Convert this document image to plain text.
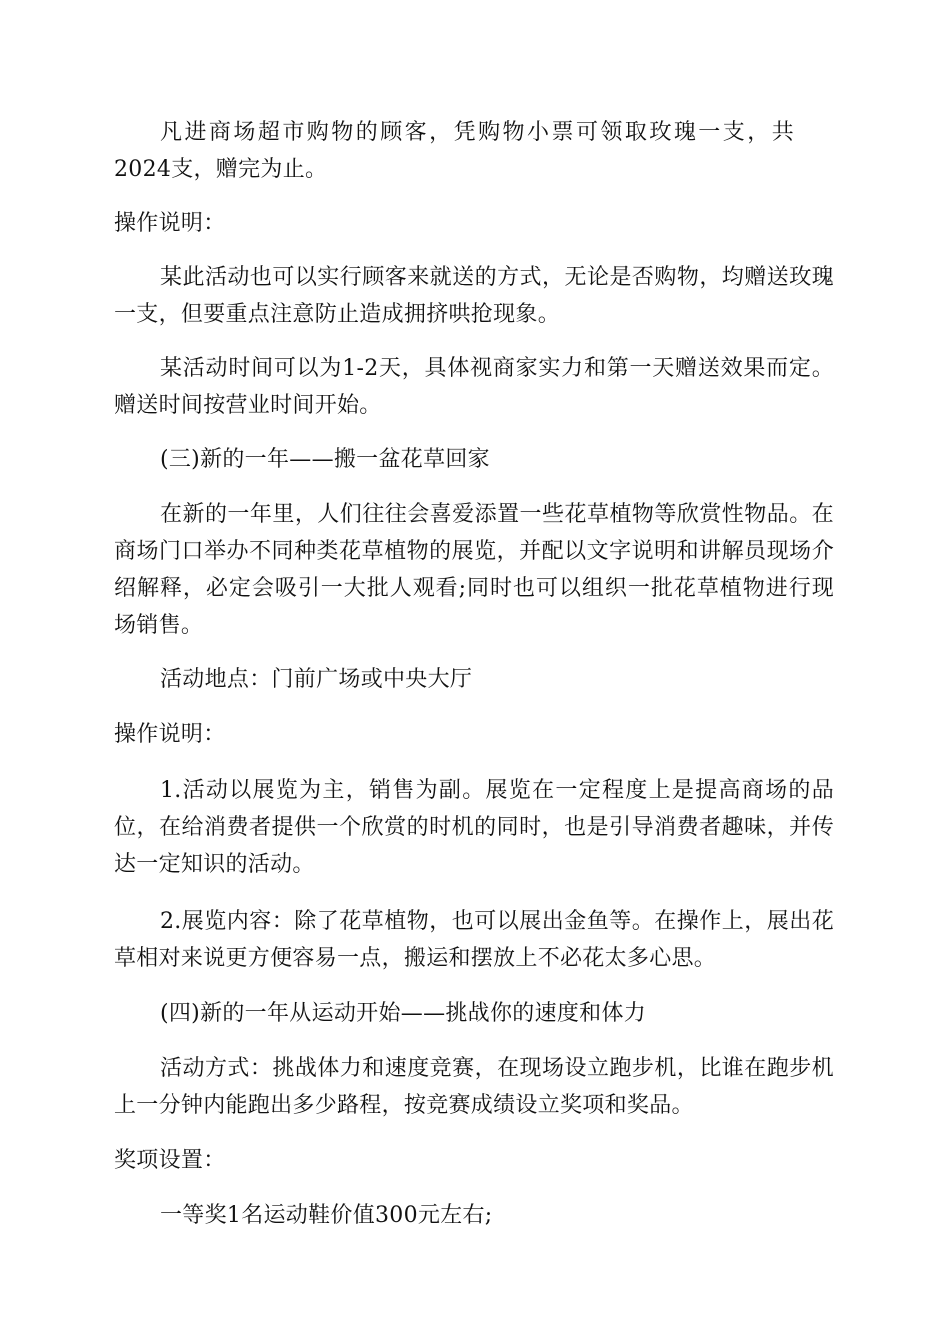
凡进商场超市购物的顾客，凭购物小票可领取玫瑰一支，共2024支，赠完为止。

操作说明：

某此活动也可以实行顾客来就送的方式，无论是否购物，均赠送玫瑰一支，但要重点注意防止造成拥挤哄抢现象。

某活动时间可以为1-2天，具体视商家实力和第一天赠送效果而定。赠送时间按营业时间开始。

(三)新的一年——搬一盆花草回家

在新的一年里，人们往往会喜爱添置一些花草植物等欣赏性物品。在商场门口举办不同种类花草植物的展览，并配以文字说明和讲解员现场介绍解释，必定会吸引一大批人观看;同时也可以组织一批花草植物进行现场销售。

活动地点：门前广场或中央大厅

操作说明：

1.活动以展览为主，销售为副。展览在一定程度上是提高商场的品位，在给消费者提供一个欣赏的时机的同时，也是引导消费者趣味，并传达一定知识的活动。

2.展览内容：除了花草植物，也可以展出金鱼等。在操作上，展出花草相对来说更方便容易一点，搬运和摆放上不必花太多心思。

(四)新的一年从运动开始——挑战你的速度和体力

活动方式：挑战体力和速度竞赛，在现场设立跑步机，比谁在跑步机上一分钟内能跑出多少路程，按竞赛成绩设立奖项和奖品。

奖项设置：

一等奖1名运动鞋价值300元左右;
